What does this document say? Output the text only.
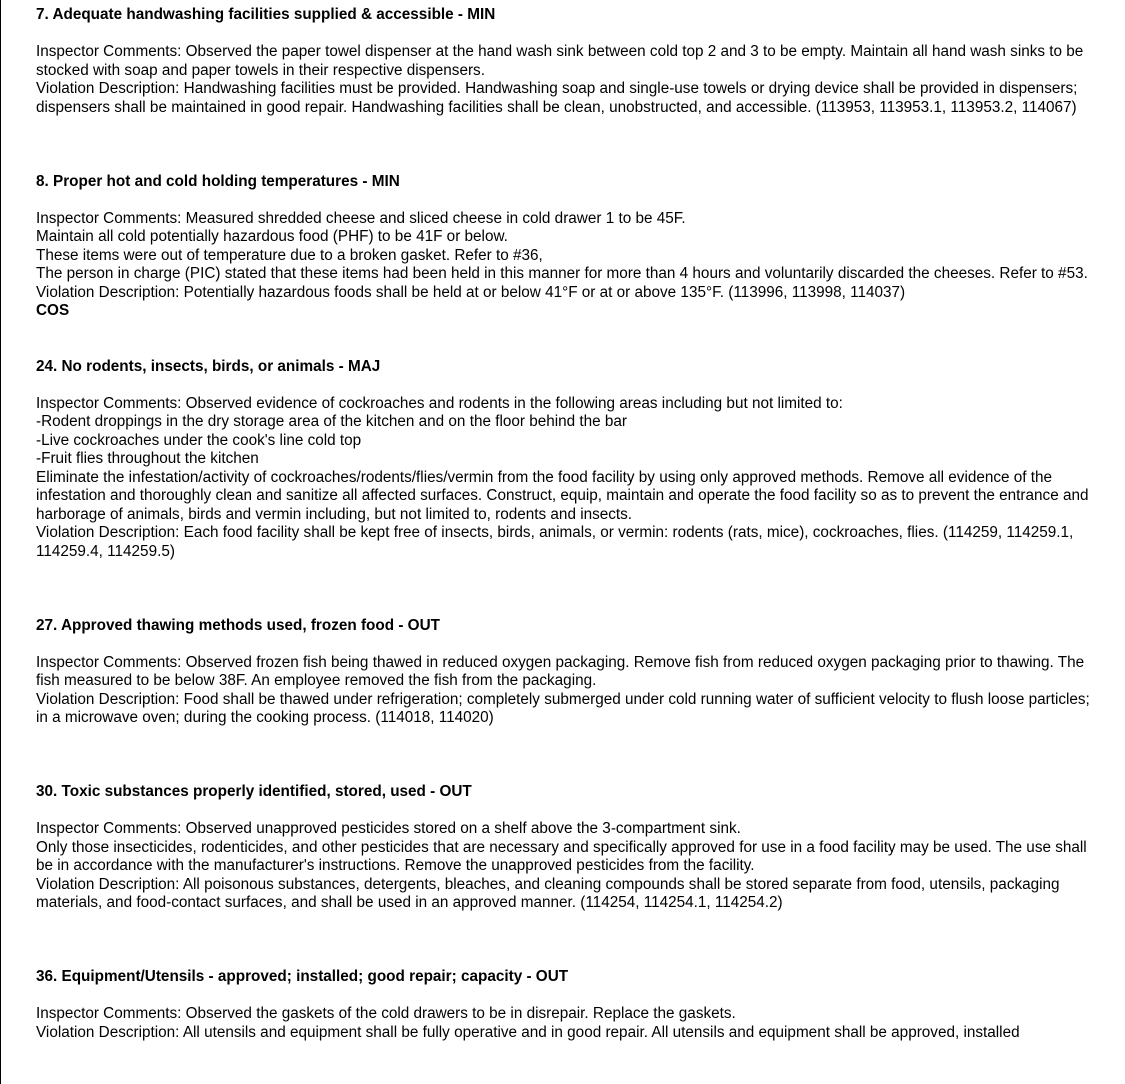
7. Adequate handwashing facilities supplied & accessible - MIN
Inspector Comments: Observed the paper towel dispenser at the hand wash sink between cold top 2 and 3 to be empty. Maintain all hand wash sinks to be stocked with soap and paper towels in their respective dispensers.
Violation Description: Handwashing facilities must be provided. Handwashing soap and single-use towels or drying device shall be provided in dispensers; dispensers shall be maintained in good repair. Handwashing facilities shall be clean, unobstructed, and accessible. (113953, 113953.1, 113953.2, 114067)
8. Proper hot and cold holding temperatures - MIN
Inspector Comments: Measured shredded cheese and sliced cheese in cold drawer 1 to be 45F.
Maintain all cold potentially hazardous food (PHF) to be 41F or below.
These items were out of temperature due to a broken gasket. Refer to #36,
The person in charge (PIC) stated that these items had been held in this manner for more than 4 hours and voluntarily discarded the cheeses. Refer to #53.
Violation Description: Potentially hazardous foods shall be held at or below 41°F or at or above 135°F. (113996, 113998, 114037)
COS
24. No rodents, insects, birds, or animals - MAJ
Inspector Comments: Observed evidence of cockroaches and rodents in the following areas including but not limited to:
-Rodent droppings in the dry storage area of the kitchen and on the floor behind the bar
-Live cockroaches under the cook's line cold top
-Fruit flies throughout the kitchen
Eliminate the infestation/activity of cockroaches/rodents/flies/vermin from the food facility by using only approved methods. Remove all evidence of the infestation and thoroughly clean and sanitize all affected surfaces. Construct, equip, maintain and operate the food facility so as to prevent the entrance and harborage of animals, birds and vermin including, but not limited to, rodents and insects.
Violation Description: Each food facility shall be kept free of insects, birds, animals, or vermin: rodents (rats, mice), cockroaches, flies. (114259, 114259.1, 114259.4, 114259.5)
27. Approved thawing methods used, frozen food - OUT
Inspector Comments: Observed frozen fish being thawed in reduced oxygen packaging. Remove fish from reduced oxygen packaging prior to thawing. The fish measured to be below 38F. An employee removed the fish from the packaging.
Violation Description: Food shall be thawed under refrigeration; completely submerged under cold running water of sufficient velocity to flush loose particles; in a microwave oven; during the cooking process. (114018, 114020)
30. Toxic substances properly identified, stored, used - OUT
Inspector Comments: Observed unapproved pesticides stored on a shelf above the 3-compartment sink.
Only those insecticides, rodenticides, and other pesticides that are necessary and specifically approved for use in a food facility may be used. The use shall be in accordance with the manufacturer's instructions. Remove the unapproved pesticides from the facility.
Violation Description: All poisonous substances, detergents, bleaches, and cleaning compounds shall be stored separate from food, utensils, packaging materials, and food-contact surfaces, and shall be used in an approved manner. (114254, 114254.1, 114254.2)
36. Equipment/Utensils - approved; installed; good repair; capacity - OUT
Inspector Comments: Observed the gaskets of the cold drawers to be in disrepair. Replace the gaskets.
Violation Description: All utensils and equipment shall be fully operative and in good repair. All utensils and equipment shall be approved, installed
